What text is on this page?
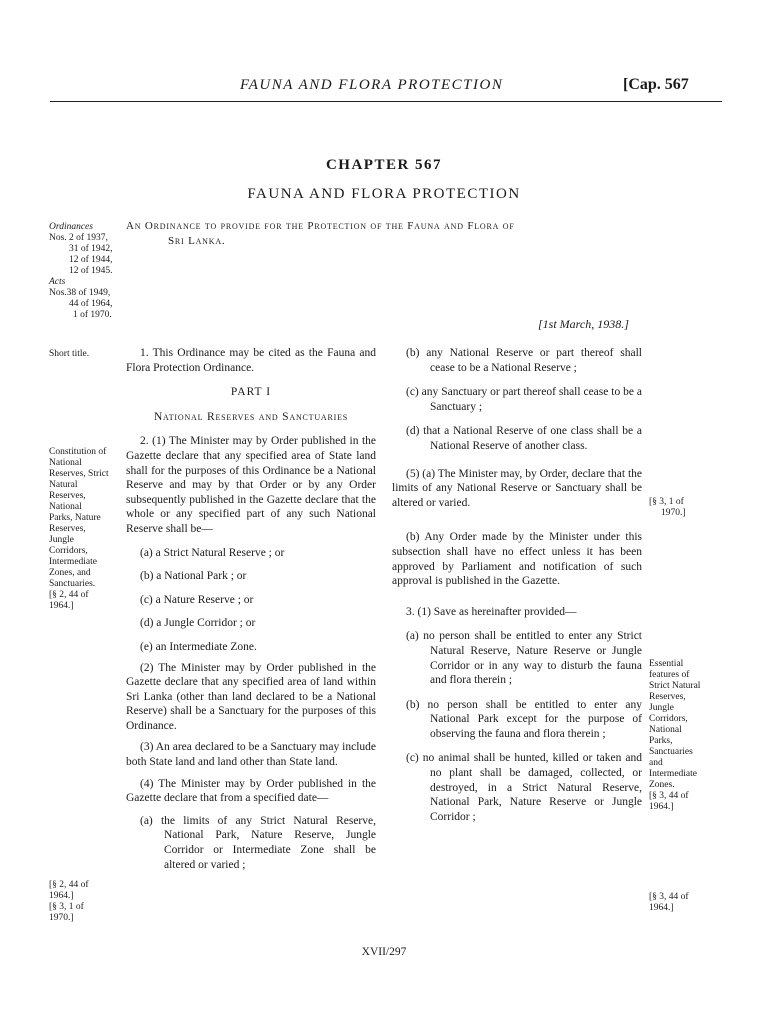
FAUNA AND FLORA PROTECTION	[Cap. 567
CHAPTER 567
FAUNA AND FLORA PROTECTION
Ordinances
Nos. 2 of 1937,
31 of 1942,
12 of 1944,
12 of 1945.
Acts
Nos.38 of 1949,
44 of 1964,
1 of 1970.
An Ordinance to provide for the Protection of the Fauna and Flora of
Sri Lanka.
[1st March, 1938.]
Short title.
Constitution of
National
Reserves, Strict
Natural
Reserves,
National
Parks, Nature
Reserves,
Jungle
Corridors,
Intermediate
Zones, and
Sanctuaries.
[§ 2, 44 of
1964.]
[§ 2, 44 of
1964.]
[§ 3, 1 of
1970.]

1. This Ordinance may be cited as the Fauna and Flora Protection Ordinance.

PART I

National Reserves and Sanctuaries

2. (1) The Minister may by Order published in the Gazette declare that any specified area of State land shall for the purposes of this Ordinance be a National Reserve and may by that Order or by any Order subsequently published in the Gazette declare that the whole or any specified part of any such National Reserve shall be—

(a) a Strict Natural Reserve ; or

(b) a National Park ; or

(c) a Nature Reserve ; or

(d) a Jungle Corridor ; or

(e) an Intermediate Zone.

(2) The Minister may by Order published in the Gazette declare that any specified area of land within Sri Lanka (other than land declared to be a National Reserve) shall be a Sanctuary for the purposes of this Ordinance.

(3) An area declared to be a Sanctuary may include both State land and land other than State land.

(4) The Minister may by Order published in the Gazette declare that from a specified date—

(a) the limits of any Strict Natural Reserve, National Park, Nature Reserve, Jungle Corridor or Intermediate Zone shall be altered or varied ;

(b) any National Reserve or part thereof shall cease to be a National Reserve ;

(c) any Sanctuary or part thereof shall cease to be a Sanctuary ;

(d) that a National Reserve of one class shall be a National Reserve of another class.

(5) (a) The Minister may, by Order, declare that the limits of any National Reserve or Sanctuary shall be altered or varied.

(b) Any Order made by the Minister under this subsection shall have no effect unless it has been approved by Parliament and notification of such approval is published in the Gazette.

3. (1) Save as hereinafter provided—

(a) no person shall be entitled to enter any Strict Natural Reserve, Nature Reserve or Jungle Corridor or in any way to disturb the fauna and flora therein ;

(b) no person shall be entitled to enter any National Park except for the purpose of observing the fauna and flora therein ;

(c) no animal shall be hunted, killed or taken and no plant shall be damaged, collected, or destroyed, in a Strict Natural Reserve, National Park, Nature Reserve or Jungle Corridor ;

[§ 3, 1 of
1970.]
Essential
features of
Strict Natural
Reserves,
Jungle
Corridors,
National
Parks,
Sanctuaries
and
Intermediate
Zones.
[§ 3, 44 of
1964.]
[§ 3, 44 of
1964.]
XVII/297
